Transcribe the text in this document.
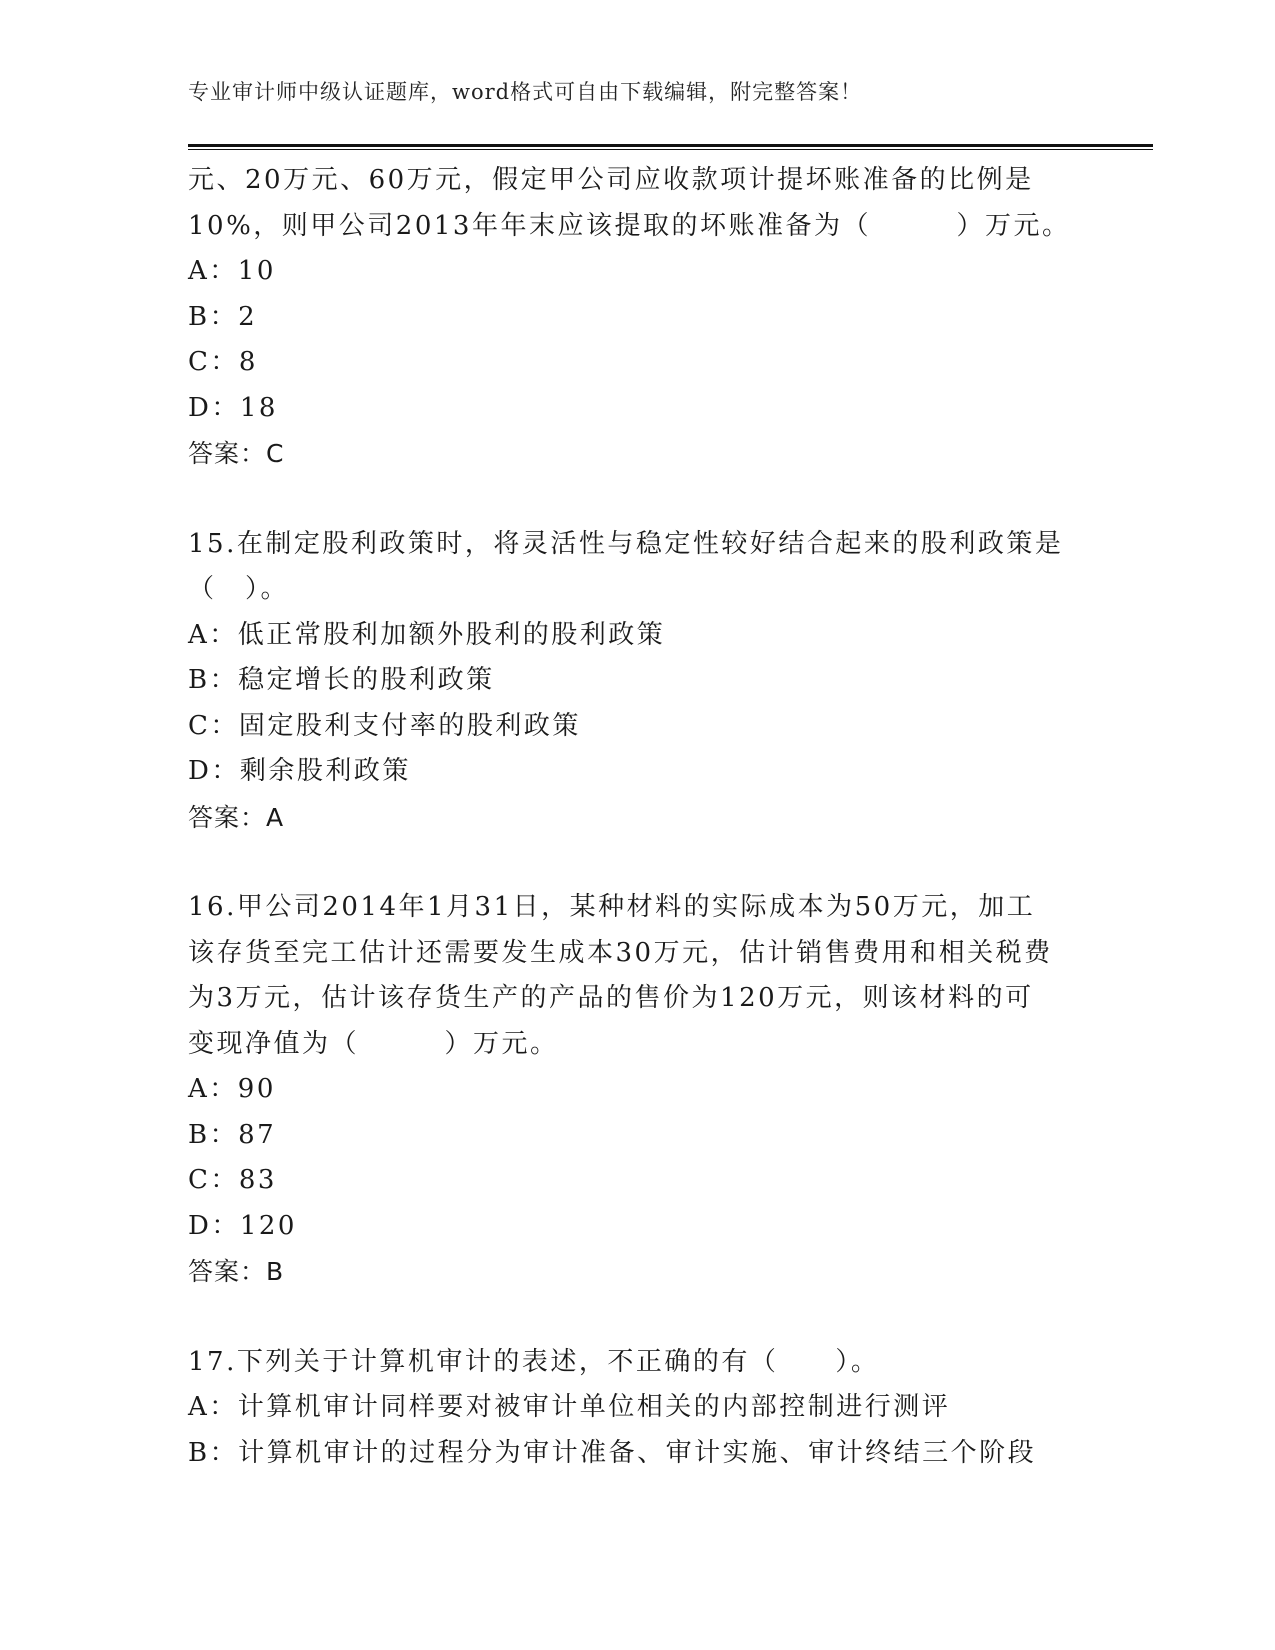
专业审计师中级认证题库，word格式可自由下载编辑，附完整答案！
元、20万元、60万元，假定甲公司应收款项计提坏账准备的比例是
10%，则甲公司2013年年末应该提取的坏账准备为（　　　）万元。
A：10
B：2
C：8
D：18
答案：C
15.在制定股利政策时，将灵活性与稳定性较好结合起来的股利政策是
（　）。
A：低正常股利加额外股利的股利政策
B：稳定增长的股利政策
C：固定股利支付率的股利政策
D：剩余股利政策
答案：A
16.甲公司2014年1月31日，某种材料的实际成本为50万元，加工
该存货至完工估计还需要发生成本30万元，估计销售费用和相关税费
为3万元，估计该存货生产的产品的售价为120万元，则该材料的可
变现净值为（　　　）万元。
A：90
B：87
C：83
D：120
答案：B
17.下列关于计算机审计的表述，不正确的有（　　）。
A：计算机审计同样要对被审计单位相关的内部控制进行测评
B：计算机审计的过程分为审计准备、审计实施、审计终结三个阶段
